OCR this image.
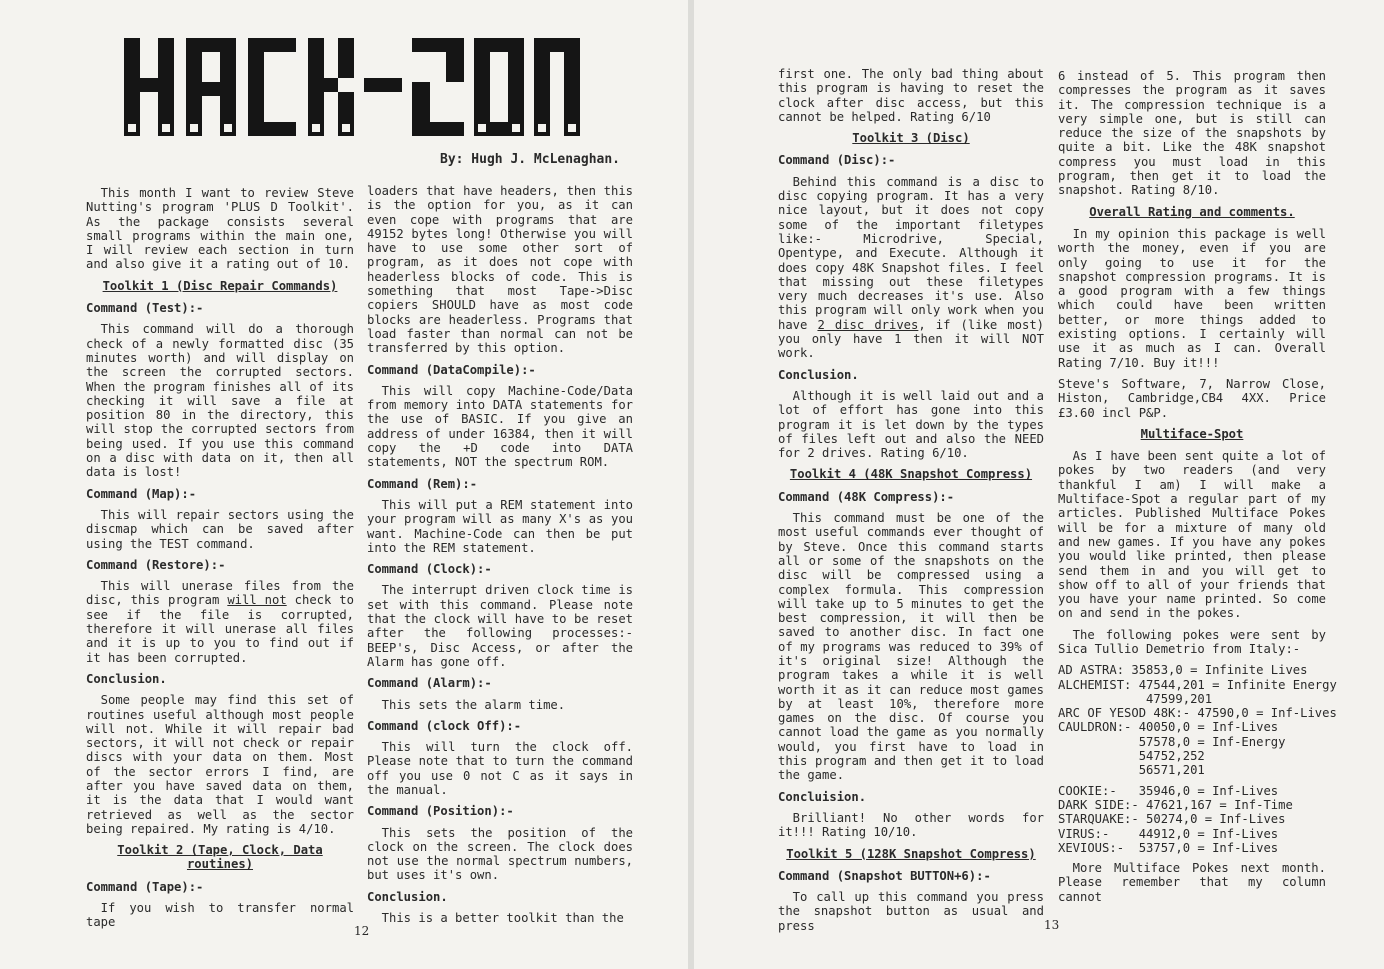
By: Hugh J. McLenaghan.

This month I want to review Steve Nutting's program 'PLUS D Toolkit'. As the package consists several small programs within the main one, I will review each section in turn and also give it a rating out of 10.

Toolkit 1 (Disc Repair Commands)
Command (Test):-

This command will do a thorough check of a newly formatted disc (35 minutes worth) and will display on the screen the corrupted sectors. When the program finishes all of its checking it will save a file at position 80 in the directory, this will stop the corrupted sectors from being used. If you use this command on a disc with data on it, then all data is lost!

Command (Map):-

This will repair sectors using the discmap which can be saved after using the TEST command.

Command (Restore):-

This will unerase files from the disc, this program will not check to see if the file is corrupted, therefore it will unerase all files and it is up to you to find out if it has been corrupted.

Conclusion.

Some people may find this set of routines useful although most people will not. While it will repair bad sectors, it will not check or repair discs with your data on them. Most of the sector errors I find, are after you have saved data on them, it is the data that I would want retrieved as well as the sector being repaired. My rating is 4/10.

Toolkit 2 (Tape, Clock, Data routines)
Command (Tape):-

If you wish to transfer normal tape

loaders that have headers, then this is the option for you, as it can even cope with programs that are 49152 bytes long! Otherwise you will have to use some other sort of program, as it does not cope with headerless blocks of code. This is something that most Tape->Disc copiers SHOULD have as most code blocks are headerless. Programs that load faster than normal can not be transferred by this option.

Command (DataCompile):-

This will copy Machine-Code/Data from memory into DATA statements for the use of BASIC. If you give an address of under 16384, then it will copy the +D code into DATA statements, NOT the spectrum ROM.

Command (Rem):-

This will put a REM statement into your program will as many X's as you want. Machine-Code can then be put into the REM statement.

Command (Clock):-

The interrupt driven clock time is set with this command. Please note that the clock will have to be reset after the following processes:- BEEP's, Disc Access, or after the Alarm has gone off.

Command (Alarm):-

This sets the alarm time.

Command (clock Off):-

This will turn the clock off. Please note that to turn the command off you use 0 not C as it says in the manual.

Command (Position):-

This sets the position of the clock on the screen. The clock does not use the normal spectrum numbers, but uses it's own.

Conclusion.

This is a better toolkit than the

12

first one. The only bad thing about this program is having to reset the clock after disc access, but this cannot be helped. Rating 6/10

Toolkit 3 (Disc)
Command (Disc):-

Behind this command is a disc to disc copying program. It has a very nice layout, but it does not copy some of the important filetypes like:- Microdrive, Special, Opentype, and Execute. Although it does copy 48K Snapshot files. I feel that missing out these filetypes very much decreases it's use. Also this program will only work when you have 2 disc drives, if (like most) you only have 1 then it will NOT work.

Conclusion.

Although it is well laid out and a lot of effort has gone into this program it is let down by the types of files left out and also the NEED for 2 drives. Rating 6/10.

Toolkit 4 (48K Snapshot Compress)
Command (48K Compress):-

This command must be one of the most useful commands ever thought of by Steve. Once this command starts all or some of the snapshots on the disc will be compressed using a complex formula. This compression will take up to 5 minutes to get the best compression, it will then be saved to another disc. In fact one of my programs was reduced to 39% of it's original size! Although the program takes a while it is well worth it as it can reduce most games by at least 10%, therefore more games on the disc. Of course you cannot load the game as you normally would, you first have to load in this program and then get it to load the game.

Concluision.

Brilliant! No other words for it!!! Rating 10/10.

Toolkit 5 (128K Snapshot Compress)
Command (Snapshot BUTTON+6):-

To call up this command you press the snapshot button as usual and press

6 instead of 5. This program then compresses the program as it saves it. The compression technique is a very simple one, but is still can reduce the size of the snapshots by quite a bit. Like the 48K snapshot compress you must load in this program, then get it to load the snapshot. Rating 8/10.

Overall Rating and comments.

In my opinion this package is well worth the money, even if you are only going to use it for the snapshot compression programs. It is a good program with a few things which could have been written better, or more things added to existing options. I certainly will use it as much as I can. Overall Rating 7/10. Buy it!!!

Steve's Software, 7, Narrow Close, Histon, Cambridge,CB4 4XX. Price £3.60 incl P&P.

Multiface-Spot

As I have been sent quite a lot of pokes by two readers (and very thankful I am) I will make a Multiface-Spot a regular part of my articles. Published Multiface Pokes will be for a mixture of many old and new games. If you have any pokes you would like printed, then please send them in and you will get to show off to all of your friends that you have your name printed. So come on and send in the pokes.

The following pokes were sent by Sica Tullio Demetrio from Italy:-

AD ASTRA: 35853,0 = Infinite Lives
ALCHEMIST: 47544,201 = Infinite Energy
47599,201
ARC OF YESOD 48K:- 47590,0 = Inf-Lives
CAULDRON:- 40050,0 = Inf-Lives
57578,0 = Inf-Energy
54752,252
56571,201
COOKIE:-   35946,0 = Inf-Lives
DARK SIDE:- 47621,167 = Inf-Time
STARQUAKE:- 50274,0 = Inf-Lives
VIRUS:-    44912,0 = Inf-Lives
XEVIOUS:-  53757,0 = Inf-Lives

More Multiface Pokes next month. Please remember that my column cannot

13
